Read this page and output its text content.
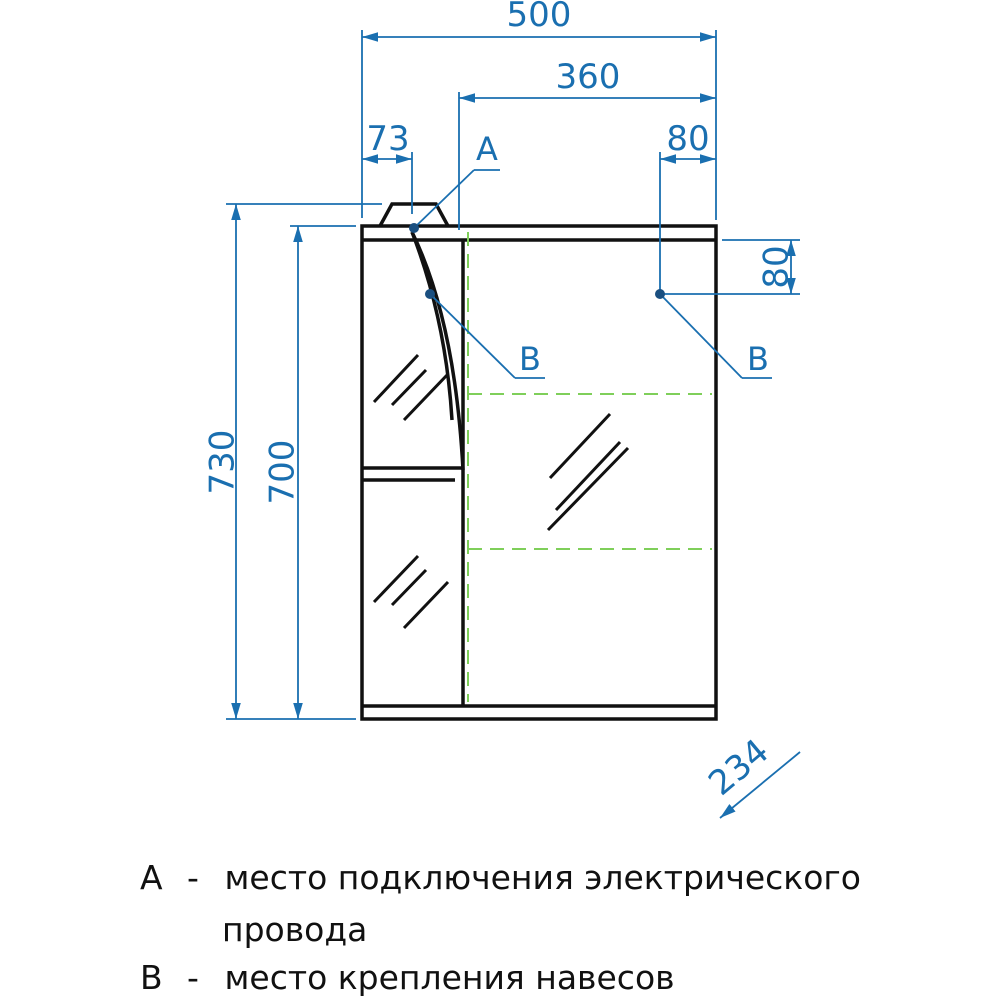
500
360
73	80
80
730 700
234
A
B	B
A - место подключения электрического
провода
B - место крепления навесов
